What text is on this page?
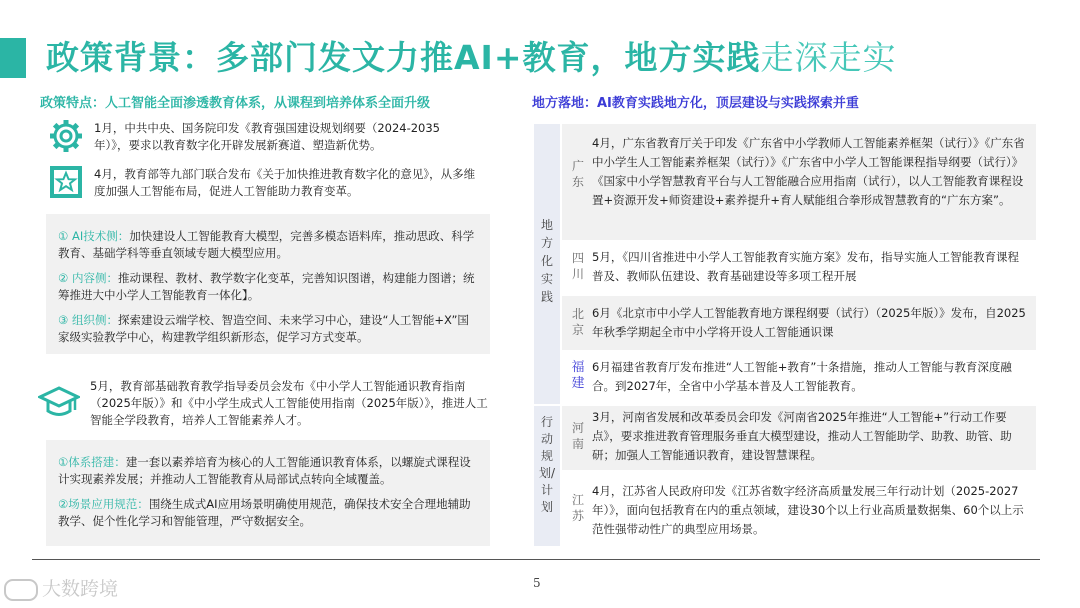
政策背景：多部门发文力推AI+教育，地方实践走深走实
政策特点：人工智能全面渗透教育体系，从课程到培养体系全面升级
1月，中共中央、国务院印发《教育强国建设规划纲要（2024-2035年）》，要求以教育数字化开辟发展新赛道、塑造新优势。
4月，教育部等九部门联合发布《关于加快推进教育数字化的意见》，从多维度加强人工智能布局，促进人工智能助力教育变革。
① AI技术侧：加快建设人工智能教育大模型，完善多模态语料库，推动思政、科学教育、基础学科等垂直领域专题大模型应用。
② 内容侧：推动课程、教材、教学数字化变革，完善知识图谱，构建能力图谱；统筹推进大中小学人工智能教育一体化】。
③ 组织侧：探索建设云端学校、智造空间、未来学习中心，建设“人工智能+X”国家级实验教学中心，构建教学组织新形态，促学习方式变革。
5月，教育部基础教育教学指导委员会发布《中小学人工智能通识教育指南（2025年版）》和《中小学生成式人工智能使用指南（2025年版）》，推进人工智能全学段教育，培养人工智能素养人才。
①体系搭建：建一套以素养培育为核心的人工智能通识教育体系，以螺旋式课程设计实现素养发展；并推动人工智能教育从局部试点转向全域覆盖。
②场景应用规范：围绕生成式AI应用场景明确使用规范，确保技术安全合理地辅助教学、促个性化学习和智能管理，严守数据安全。
地方落地：AI教育实践地方化，顶层建设与实践探索并重
地方化实践
行动规划/计划
广东
4月，广东省教育厅关于印发《广东省中小学教师人工智能素养框架（试行）》《广东省中小学生人工智能素养框架（试行）》《广东省中小学人工智能课程指导纲要（试行）》《国家中小学智慧教育平台与人工智能融合应用指南（试行），以人工智能教育课程设置+资源开发+师资建设+素养提升+育人赋能组合拳形成智慧教育的“广东方案”。
四川
5月，《四川省推进中小学人工智能教育实施方案》发布，指导实施人工智能教育课程普及、教师队伍建设、教育基础建设等多项工程开展
北京
6月《北京市中小学人工智能教育地方课程纲要（试行）（2025年版）》发布，自2025年秋季学期起全市中小学将开设人工智能通识课
福建
6月福建省教育厅发布推进“人工智能+教育”十条措施，推动人工智能与教育深度融合。到2027年，全省中小学基本普及人工智能教育。
河南
3月，河南省发展和改革委员会印发《河南省2025年推进“人工智能+”行动工作要点》，要求推进教育管理服务垂直大模型建设，推动人工智能助学、助教、助管、助研；加强人工智能通识教育，建设智慧课程。
江苏
4月，江苏省人民政府印发《江苏省数字经济高质量发展三年行动计划（2025-2027年）》，面向包括教育在内的重点领域，建设30个以上行业高质量数据集、60个以上示范性强带动性广的典型应用场景。
5
大数跨境
